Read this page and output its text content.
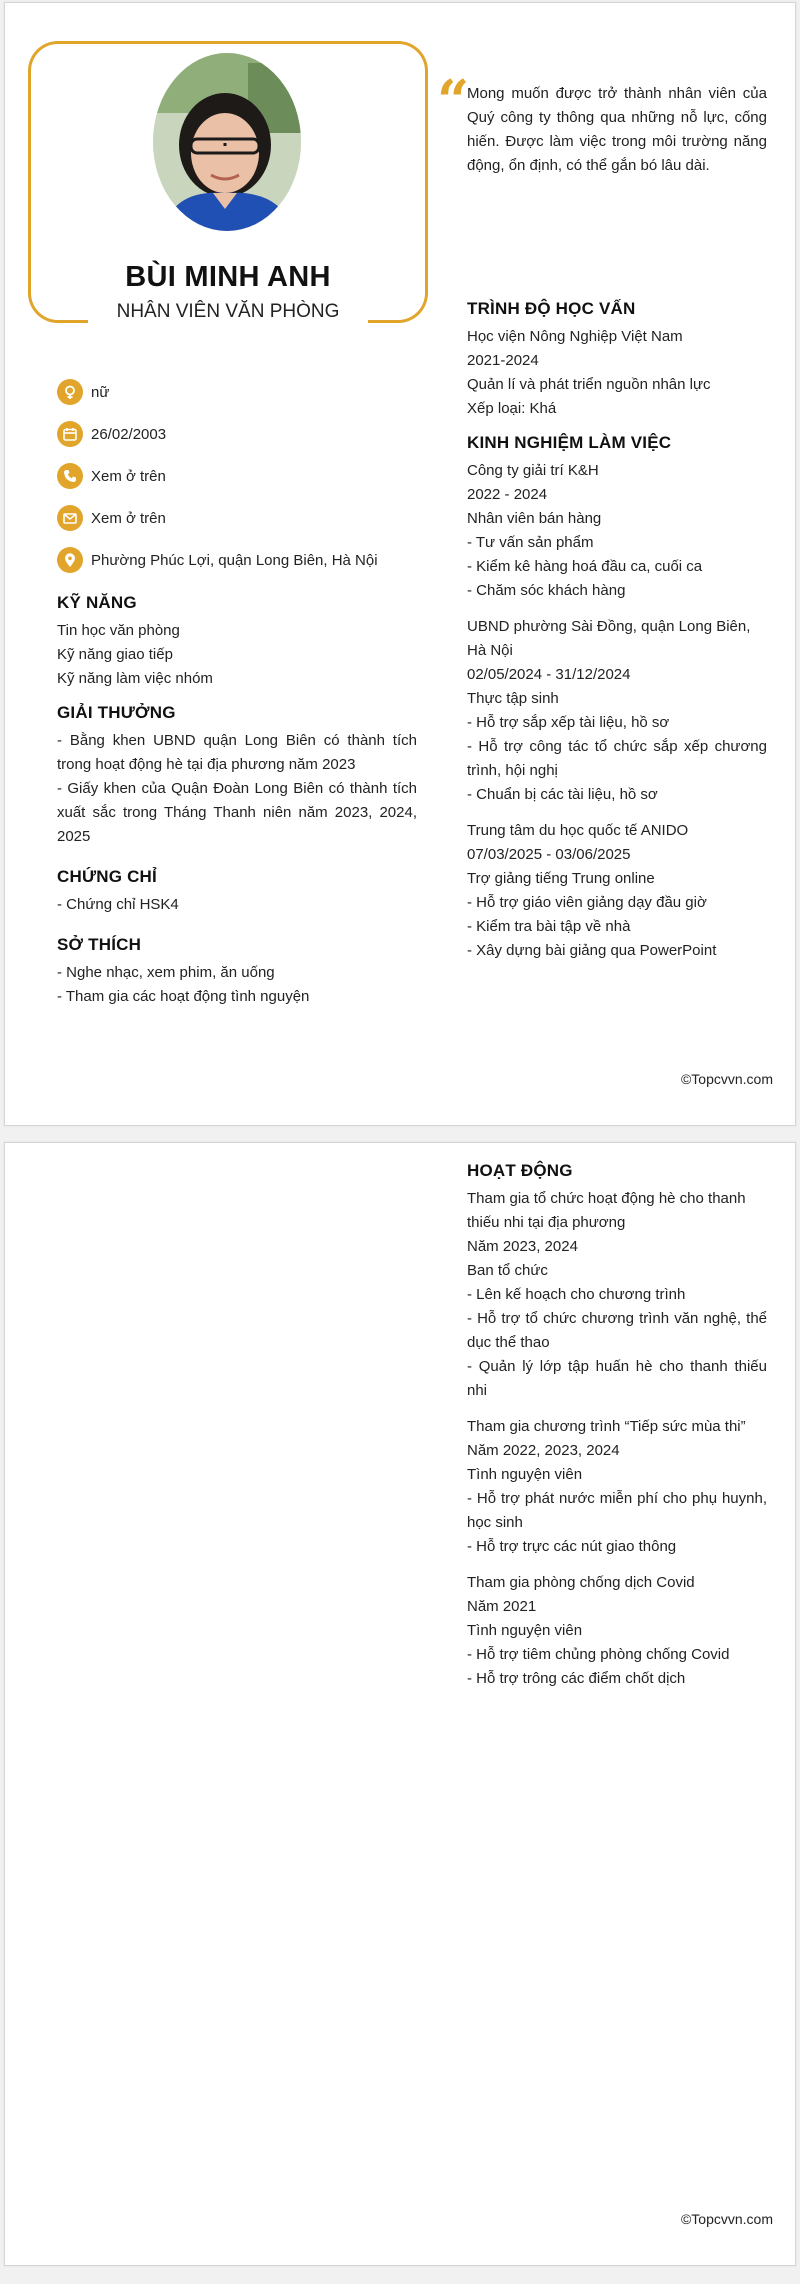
BÙI MINH ANH
NHÂN VIÊN VĂN PHÒNG
“
Mong muốn được trở thành nhân viên của Quý công ty thông qua những nỗ lực, cống hiến. Được làm việc trong môi trường năng động, ổn định, có thể gắn bó lâu dài.
nữ
26/02/2003
Xem ở trên
Xem ở trên
Phường Phúc Lợi, quận Long Biên, Hà Nội
KỸ NĂNG
Tin học văn phòng
Kỹ năng giao tiếp
Kỹ năng làm việc nhóm
GIẢI THƯỞNG
- Bằng khen UBND quận Long Biên có thành tích trong hoạt động hè tại địa phương năm 2023
- Giấy khen của Quận Đoàn Long Biên có thành tích xuất sắc trong Tháng Thanh niên năm 2023, 2024, 2025
CHỨNG CHỈ
- Chứng chỉ HSK4
SỞ THÍCH
- Nghe nhạc, xem phim, ăn uống
- Tham gia các hoạt động tình nguyện
TRÌNH ĐỘ HỌC VẤN
Học viện Nông Nghiệp Việt Nam
2021-2024
Quản lí và phát triển nguồn nhân lực
Xếp loại: Khá
KINH NGHIỆM LÀM VIỆC
Công ty giải trí K&H
2022 - 2024
Nhân viên bán hàng
- Tư vấn sản phẩm
- Kiểm kê hàng hoá đầu ca, cuối ca
- Chăm sóc khách hàng
UBND phường Sài Đồng, quận Long Biên, Hà Nội
02/05/2024 - 31/12/2024
Thực tập sinh
- Hỗ trợ sắp xếp tài liệu, hồ sơ
- Hỗ trợ công tác tổ chức sắp xếp chương trình, hội nghị
- Chuẩn bị các tài liệu, hồ sơ
Trung tâm du học quốc tế ANIDO
07/03/2025 - 03/06/2025
Trợ giảng tiếng Trung online
- Hỗ trợ giáo viên giảng dạy đầu giờ
- Kiểm tra bài tập về nhà
- Xây dựng bài giảng qua PowerPoint
©Topcvvn.com
HOẠT ĐỘNG
Tham gia tổ chức hoạt động hè cho thanh thiếu nhi tại địa phương
Năm 2023, 2024
Ban tổ chức
- Lên kế hoạch cho chương trình
- Hỗ trợ tổ chức chương trình văn nghệ, thể dục thể thao
- Quản lý lớp tập huấn hè cho thanh thiếu nhi
Tham gia chương trình “Tiếp sức mùa thi”
Năm 2022, 2023, 2024
Tình nguyện viên
- Hỗ trợ phát nước miễn phí cho phụ huynh, học sinh
- Hỗ trợ trực các nút giao thông
Tham gia phòng chống dịch Covid
Năm 2021
Tình nguyện viên
- Hỗ trợ tiêm chủng phòng chống Covid
- Hỗ trợ trông các điểm chốt dịch
©Topcvvn.com
